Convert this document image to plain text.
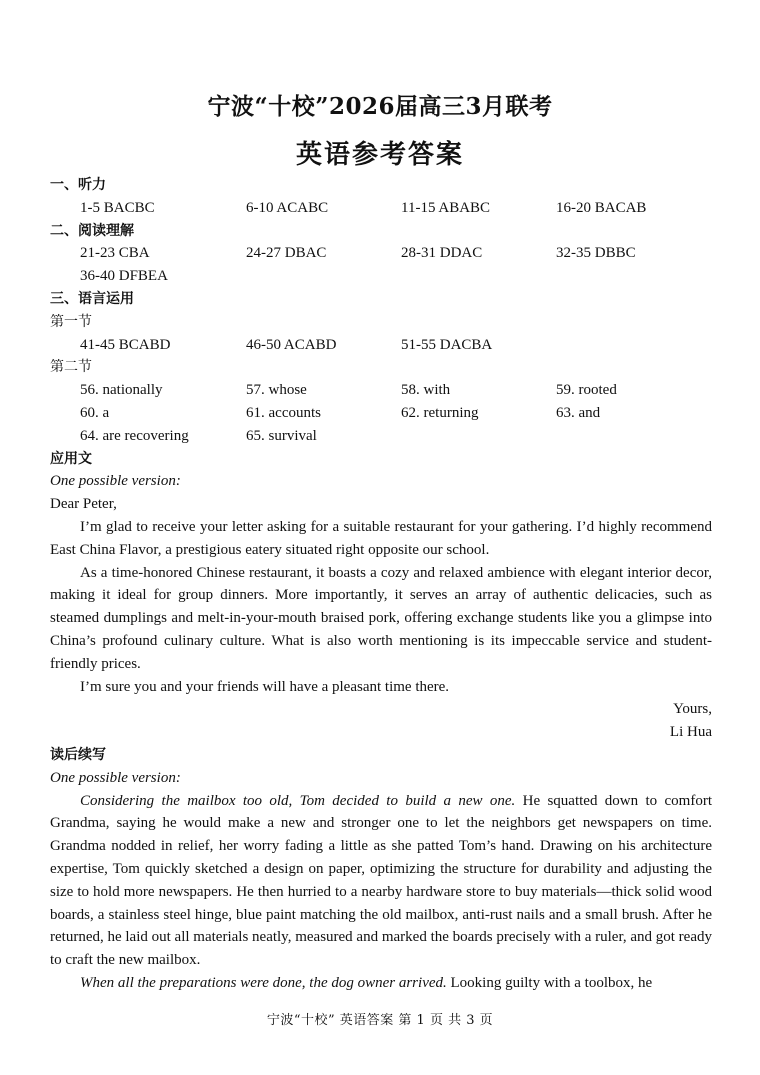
宁波“十校”2026届高三3月联考
英语参考答案
一、听力
1-5 BACBC	6-10 ACABC	11-15 ABABC	16-20 BACAB
二、阅读理解
21-23 CBA	24-27 DBAC	28-31 DDAC	32-35 DBBC
36-40 DFBEA
三、语言运用
第一节
41-45 BCABD	46-50 ACABD	51-55 DACBA
第二节
56. nationally	57. whose	58. with	59. rooted
60. a	61. accounts	62. returning	63. and
64. are recovering	65. survival
应用文
One possible version:
Dear Peter,

I’m glad to receive your letter asking for a suitable restaurant for your gathering. I’d highly recommend East China Flavor, a prestigious eatery situated right opposite our school.

As a time-honored Chinese restaurant, it boasts a cozy and relaxed ambience with elegant interior decor, making it ideal for group dinners. More importantly, it serves an array of authentic delicacies, such as steamed dumplings and melt-in-your-mouth braised pork, offering exchange students like you a glimpse into China’s profound culinary culture. What is also worth mentioning is its impeccable service and student-friendly prices.

I’m sure you and your friends will have a pleasant time there.

Yours,
Li Hua
读后续写
One possible version:

Considering the mailbox too old, Tom decided to build a new one. He squatted down to comfort Grandma, saying he would make a new and stronger one to let the neighbors get newspapers on time. Grandma nodded in relief, her worry fading a little as she patted Tom’s hand. Drawing on his architecture expertise, Tom quickly sketched a design on paper, optimizing the structure for durability and adjusting the size to hold more newspapers. He then hurried to a nearby hardware store to buy materials—thick solid wood boards, a stainless steel hinge, blue paint matching the old mailbox, anti-rust nails and a small brush. After he returned, he laid out all materials neatly, measured and marked the boards precisely with a ruler, and got ready to craft the new mailbox.

When all the preparations were done, the dog owner arrived. Looking guilty with a toolbox, he

宁波“十校” 英语答案 第 1 页 共 3 页
